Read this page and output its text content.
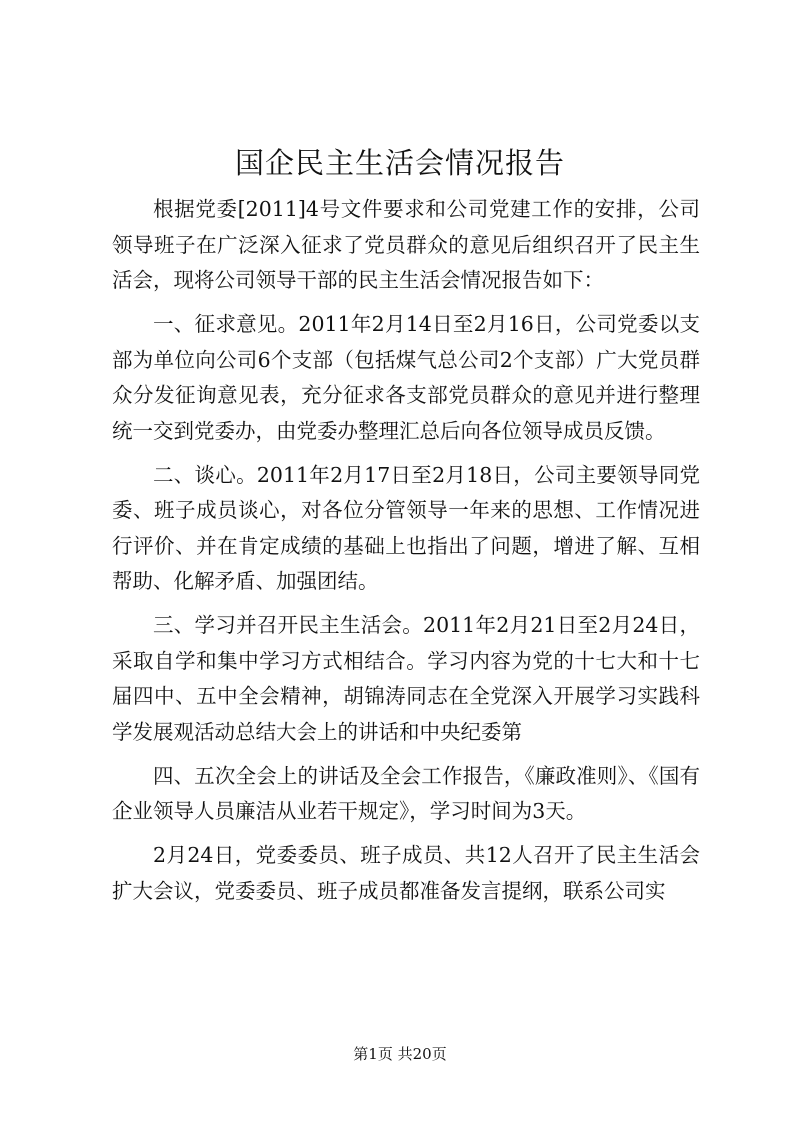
国企民主生活会情况报告

根据党委[2011]4号文件要求和公司党建工作的安排，公司领导班子在广泛深入征求了党员群众的意见后组织召开了民主生活会，现将公司领导干部的民主生活会情况报告如下：

一、征求意见。2011年2月14日至2月16日，公司党委以支部为单位向公司6个支部（包括煤气总公司2个支部）广大党员群众分发征询意见表，充分征求各支部党员群众的意见并进行整理统一交到党委办，由党委办整理汇总后向各位领导成员反馈。

二、谈心。2011年2月17日至2月18日，公司主要领导同党委、班子成员谈心，对各位分管领导一年来的思想、工作情况进行评价、并在肯定成绩的基础上也指出了问题，增进了解、互相帮助、化解矛盾、加强团结。

三、学习并召开民主生活会。2011年2月21日至2月24日，采取自学和集中学习方式相结合。学习内容为党的十七大和十七届四中、五中全会精神，胡锦涛同志在全党深入开展学习实践科学发展观活动总结大会上的讲话和中央纪委第

四、五次全会上的讲话及全会工作报告，《廉政准则》、《国有企业领导人员廉洁从业若干规定》，学习时间为3天。

2月24日，党委委员、班子成员、共12人召开了民主生活会扩大会议，党委委员、班子成员都准备发言提纲，联系公司实

第1页 共20页
